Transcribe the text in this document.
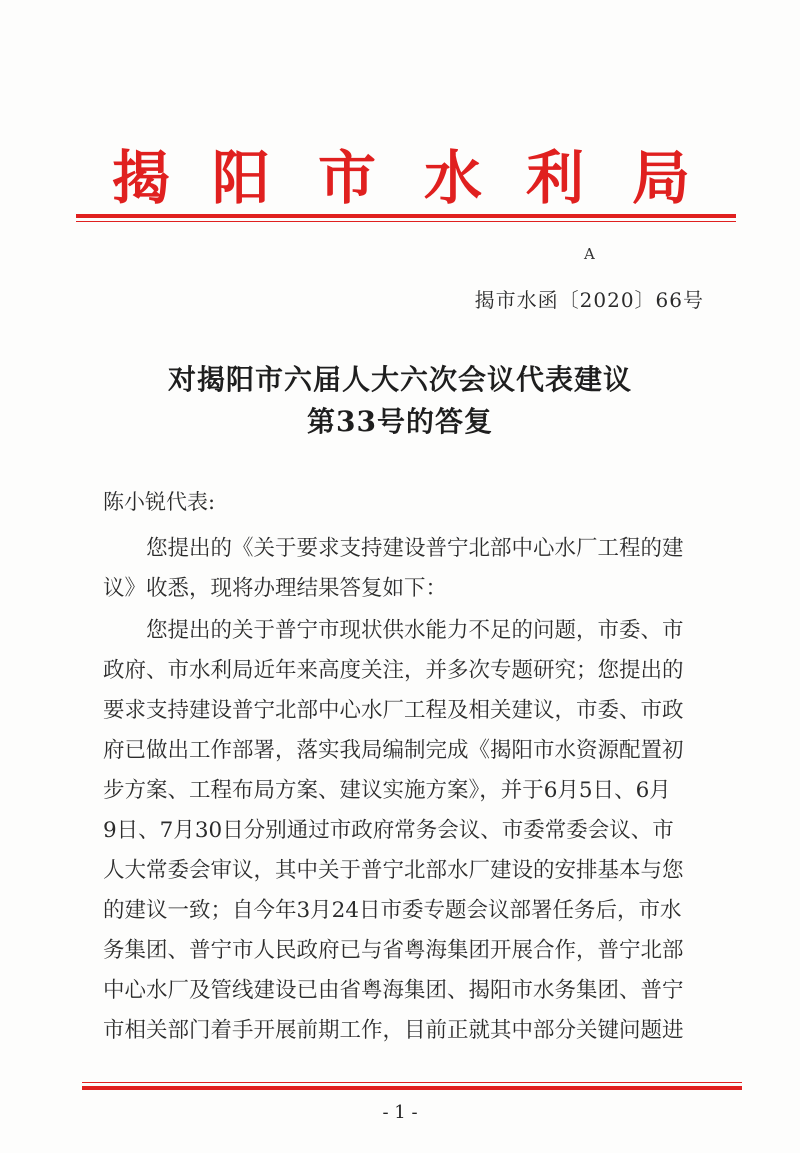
揭 阳 市 水 利 局
A
揭市水函〔2020〕66号
对揭阳市六届人大六次会议代表建议
第33号的答复
陈小锐代表:
　　您提出的《关于要求支持建设普宁北部中心水厂工程的建
议》收悉，现将办理结果答复如下：
　　您提出的关于普宁市现状供水能力不足的问题，市委、市
政府、市水利局近年来高度关注，并多次专题研究；您提出的
要求支持建设普宁北部中心水厂工程及相关建议，市委、市政
府已做出工作部署，落实我局编制完成《揭阳市水资源配置初
步方案、工程布局方案、建议实施方案》，并于6月5日、6月
9日、7月30日分别通过市政府常务会议、市委常委会议、市
人大常委会审议，其中关于普宁北部水厂建设的安排基本与您
的建议一致；自今年3月24日市委专题会议部署任务后，市水
务集团、普宁市人民政府已与省粤海集团开展合作，普宁北部
中心水厂及管线建设已由省粤海集团、揭阳市水务集团、普宁
市相关部门着手开展前期工作，目前正就其中部分关键问题进
- 1 -
